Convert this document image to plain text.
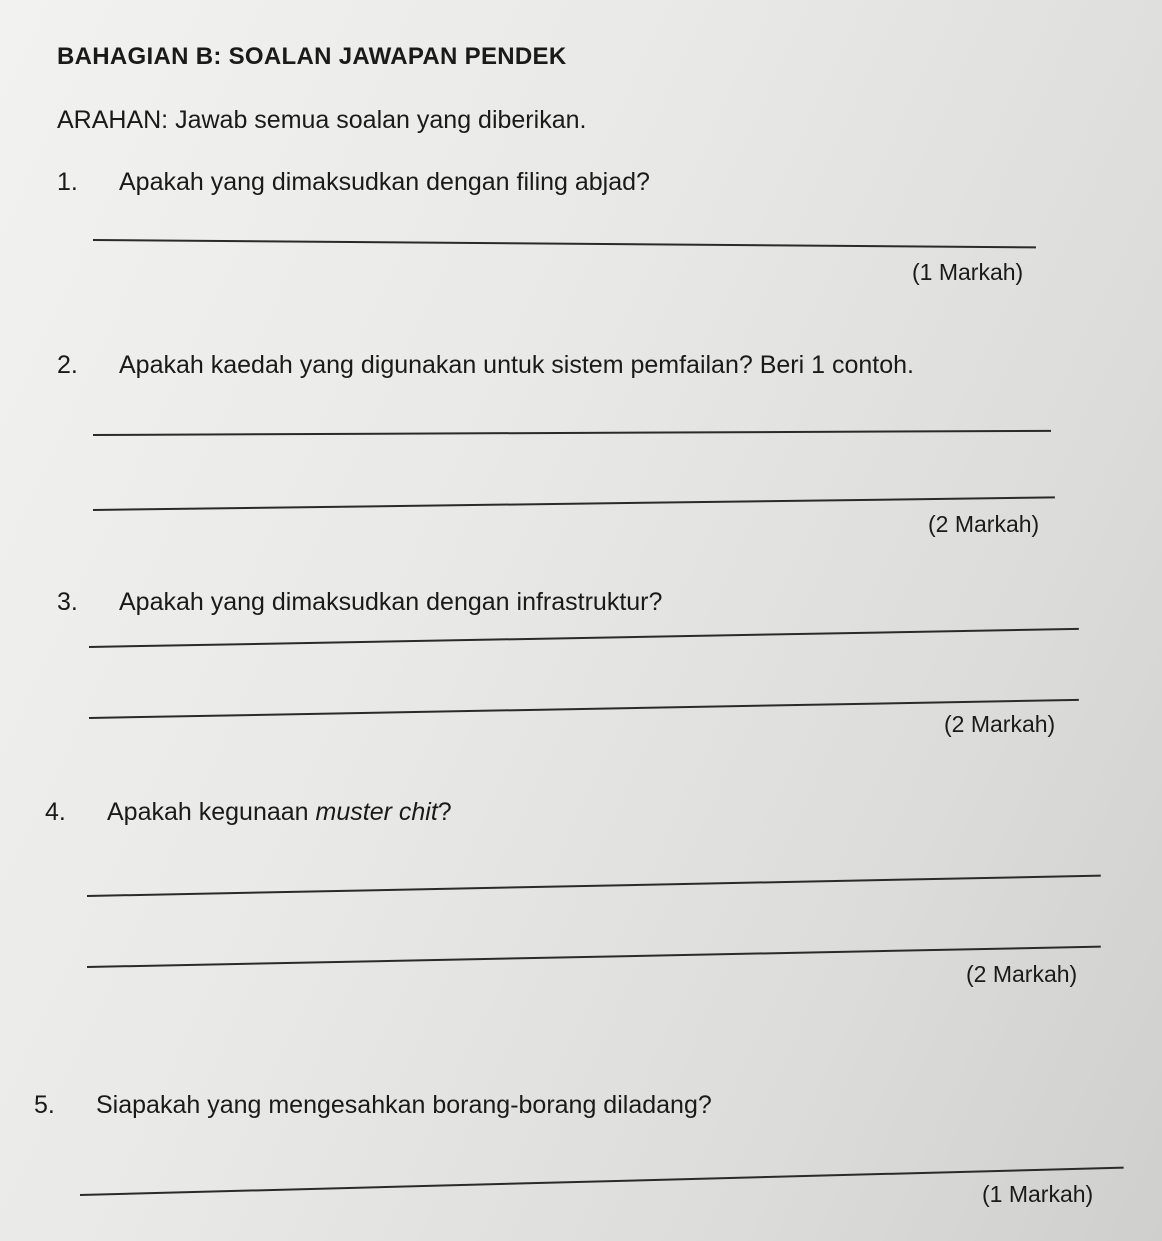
BAHAGIAN B: SOALAN JAWAPAN PENDEK
ARAHAN: Jawab semua soalan yang diberikan.
1. Apakah yang dimaksudkan dengan filing abjad?
(1 Markah)
2. Apakah kaedah yang digunakan untuk sistem pemfailan? Beri 1 contoh.
(2 Markah)
3. Apakah yang dimaksudkan dengan infrastruktur?
(2 Markah)
4. Apakah kegunaan muster chit?
(2 Markah)
5. Siapakah yang mengesahkan borang-borang diladang?
(1 Markah)
